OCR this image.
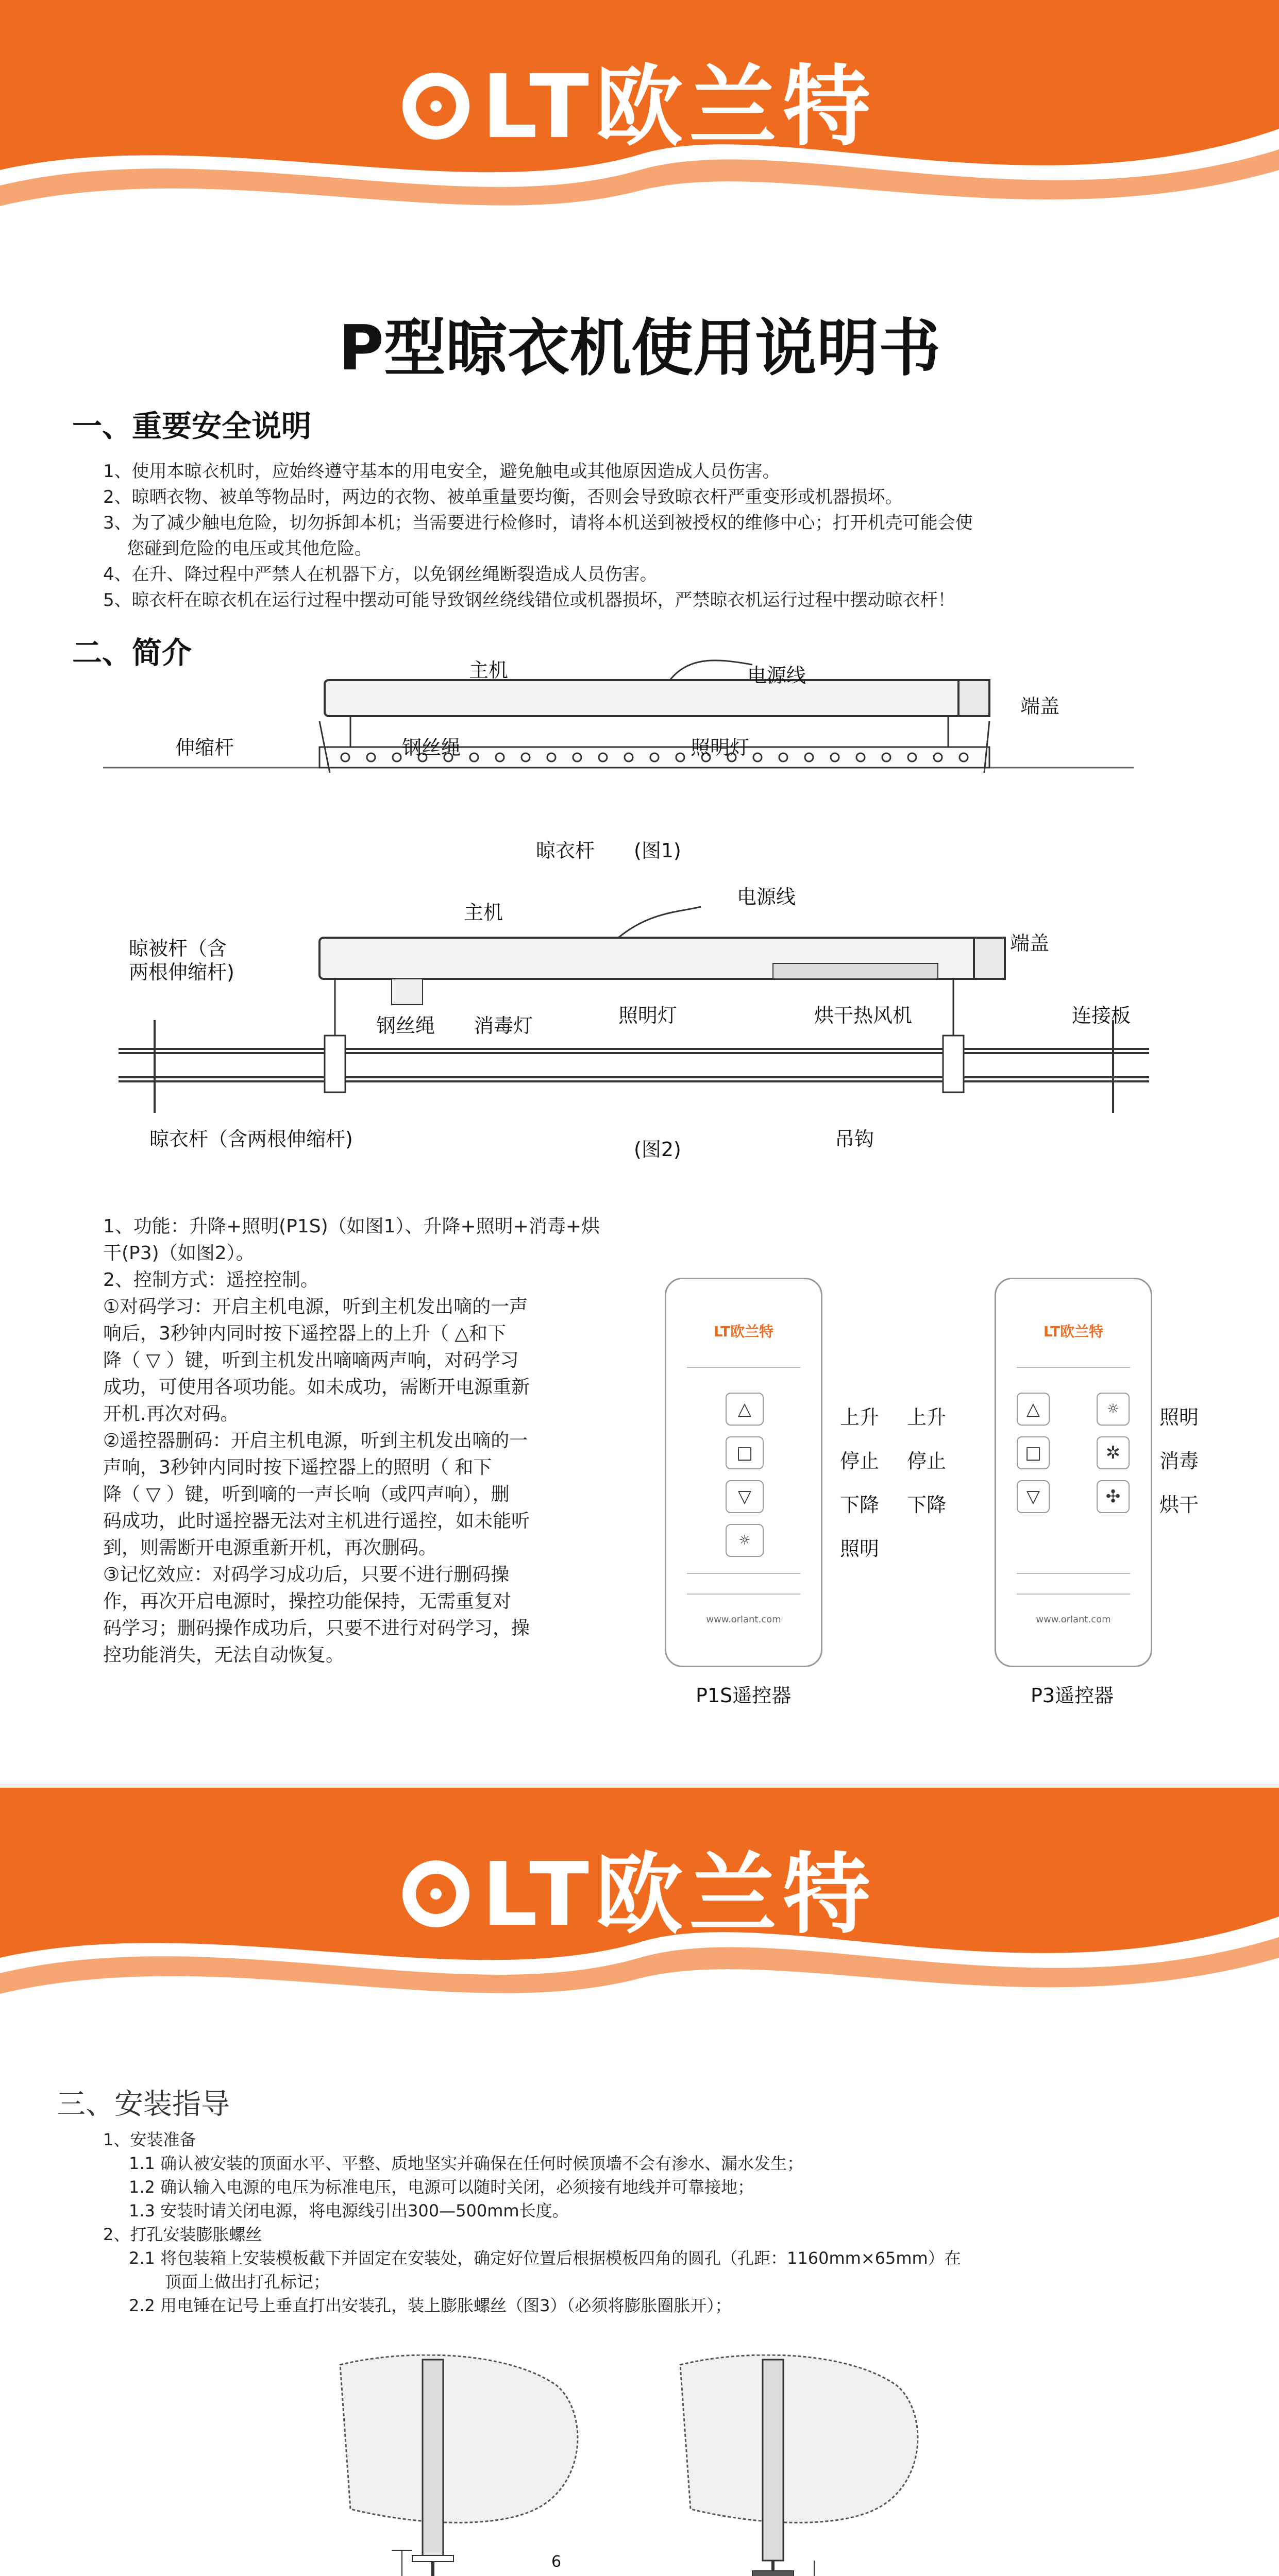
LT欧兰特
P型晾衣机使用说明书
一、重要安全说明
1、使用本晾衣机时，应始终遵守基本的用电安全，避免触电或其他原因造成人员伤害。
2、晾晒衣物、被单等物品时，两边的衣物、被单重量要均衡，否则会导致晾衣杆严重变形或机器损坏。
3、为了减少触电危险，切勿拆卸本机；当需要进行检修时，请将本机送到被授权的维修中心；打开机壳可能会使
您碰到危险的电压或其他危险。
4、在升、降过程中严禁人在机器下方，以免钢丝绳断裂造成人员伤害。
5、晾衣杆在晾衣机在运行过程中摆动可能导致钢丝绕线错位或机器损坏，严禁晾衣机运行过程中摆动晾衣杆！
二、简介	主机	电源线
端盖
伸缩杆	钢丝绳	照明灯
晾衣杆 (图1)
主机
电源线
端盖
晾被杆（含
两根伸缩杆)
钢丝绳 消毒灯	照明灯	烘干热风机	连接板
晾衣杆（含两根伸缩杆)	吊钩
(图2)
1、功能：升降+照明(P1S)（如图1）、升降+照明+消毒+烘
干(P3)（如图2）。
2、控制方式：遥控控制。
①对码学习：开启主机电源，听到主机发出嘀的一声
响后，3秒钟内同时按下遥控器上的上升（ △和下
降（ ▽ ）键，听到主机发出嘀嘀两声响，对码学习
成功，可使用各项功能。如未成功，需断开电源重新
开机.再次对码。
②遥控器删码：开启主机电源，听到主机发出嘀的一
声响，3秒钟内同时按下遥控器上的照明（ 和下
降（ ▽ ）键，听到嘀的一声长响（或四声响），删
码成功，此时遥控器无法对主机进行遥控，如未能听
到，则需断开电源重新开机，再次删码。
③记忆效应：对码学习成功后，只要不进行删码操
作，再次开启电源时，操控功能保持，无需重复对
码学习；删码操作成功后，只要不进行对码学习，操
控功能消失，无法自动恢复。
LT欧兰特
△
□
▽
☼
www.orlant.com
上升
停止
下降
照明
P1S遥控器
LT欧兰特
△
□
▽
☼
✲
✣
www.orlant.com
上升
停止
下降
照明
消毒
烘干
P3遥控器
LT欧兰特
三、安装指导
1、安装准备
1.1 确认被安装的顶面水平、平整、质地坚实并确保在任何时候顶墙不会有渗水、漏水发生；
1.2 确认输入电源的电压为标准电压，电源可以随时关闭，必须接有地线并可靠接地；
1.3 安装时请关闭电源，将电源线引出300—500mm长度。
2、打孔安装膨胀螺丝
2.1 将包装箱上安装模板截下并固定在安装处，确定好位置后根据模板四角的圆孔（孔距：1160mm×65mm）在
顶面上做出打孔标记；
2.2 用电锤在记号上垂直打出安装孔，装上膨胀螺丝（图3）（必须将膨胀圈胀开）；
6
